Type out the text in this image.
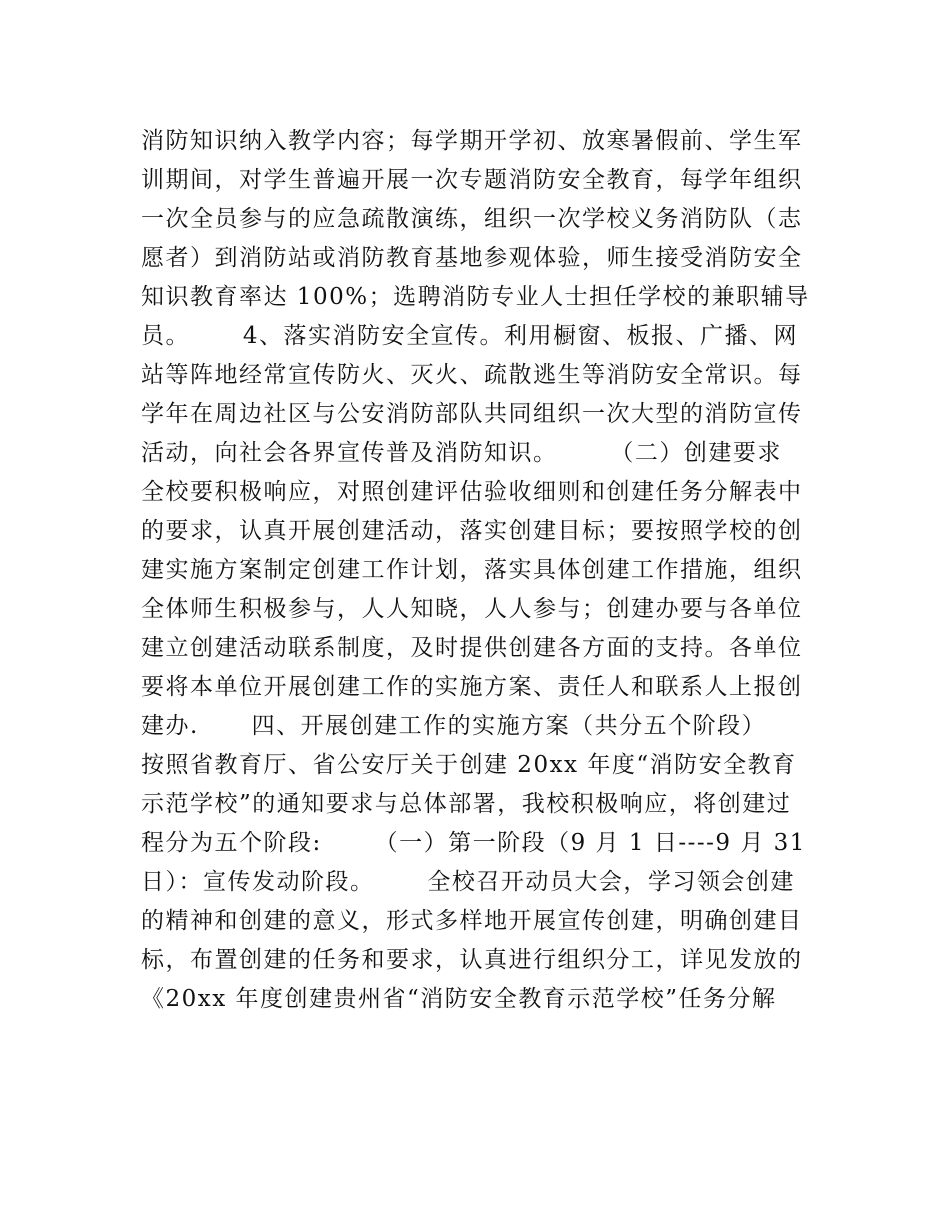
消防知识纳入教学内容；每学期开学初、放寒暑假前、学生军
训期间，对学生普遍开展一次专题消防安全教育，每学年组织
一次全员参与的应急疏散演练，组织一次学校义务消防队（志
愿者）到消防站或消防教育基地参观体验，师生接受消防安全
知识教育率达 100%；选聘消防专业人士担任学校的兼职辅导
员。      4、落实消防安全宣传。利用橱窗、板报、广播、网
站等阵地经常宣传防火、灭火、疏散逃生等消防安全常识。每
学年在周边社区与公安消防部队共同组织一次大型的消防宣传
活动，向社会各界宣传普及消防知识。      （二）创建要求
全校要积极响应，对照创建评估验收细则和创建任务分解表中
的要求，认真开展创建活动，落实创建目标；要按照学校的创
建实施方案制定创建工作计划，落实具体创建工作措施，组织
全体师生积极参与，人人知晓，人人参与；创建办要与各单位
建立创建活动联系制度，及时提供创建各方面的支持。各单位
要将本单位开展创建工作的实施方案、责任人和联系人上报创
建办.      四、开展创建工作的实施方案（共分五个阶段）
按照省教育厅、省公安厅关于创建 20xx 年度“消防安全教育
示范学校”的通知要求与总体部署，我校积极响应，将创建过
程分为五个阶段:      （一）第一阶段（9 月 1 日----9 月 31
日）：宣传发动阶段。      全校召开动员大会，学习领会创建
的精神和创建的意义，形式多样地开展宣传创建，明确创建目
标，布置创建的任务和要求，认真进行组织分工，详见发放的
《20xx 年度创建贵州省“消防安全教育示范学校”任务分解
